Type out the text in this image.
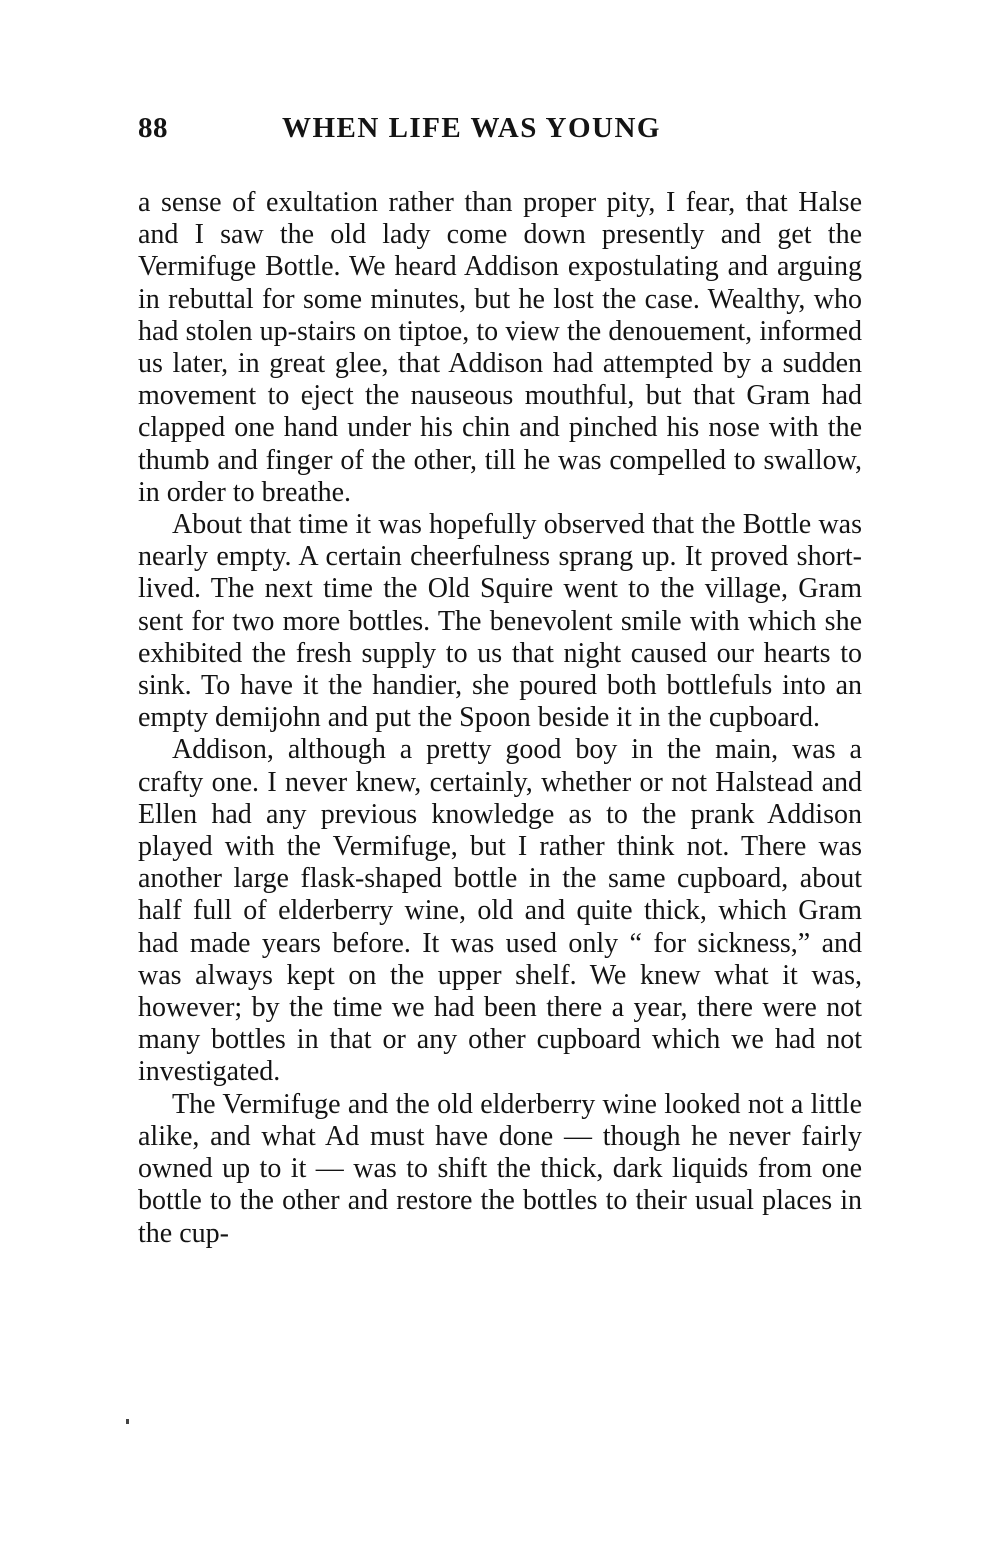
88	WHEN LIFE WAS YOUNG

a sense of exultation rather than proper pity, I fear, that Halse and I saw the old lady come down presently and get the Vermifuge Bottle. We heard Addison expostulating and arguing in rebuttal for some minutes, but he lost the case. Wealthy, who had stolen up-stairs on tiptoe, to view the denouement, informed us later, in great glee, that Addison had attempted by a sudden movement to eject the nauseous mouthful, but that Gram had clapped one hand under his chin and pinched his nose with the thumb and finger of the other, till he was compelled to swallow, in order to breathe.

About that time it was hopefully observed that the Bottle was nearly empty. A certain cheerfulness sprang up. It proved short-lived. The next time the Old Squire went to the village, Gram sent for two more bottles. The benevolent smile with which she exhibited the fresh supply to us that night caused our hearts to sink. To have it the handier, she poured both bottlefuls into an empty demijohn and put the Spoon beside it in the cupboard.

Addison, although a pretty good boy in the main, was a crafty one. I never knew, certainly, whether or not Halstead and Ellen had any previous knowledge as to the prank Addison played with the Vermifuge, but I rather think not. There was another large flask-shaped bottle in the same cupboard, about half full of elderberry wine, old and quite thick, which Gram had made years before. It was used only “ for sickness,” and was always kept on the upper shelf. We knew what it was, however; by the time we had been there a year, there were not many bottles in that or any other cupboard which we had not investigated.

The Vermifuge and the old elderberry wine looked not a little alike, and what Ad must have done — though he never fairly owned up to it — was to shift the thick, dark liquids from one bottle to the other and restore the bottles to their usual places in the cup-
